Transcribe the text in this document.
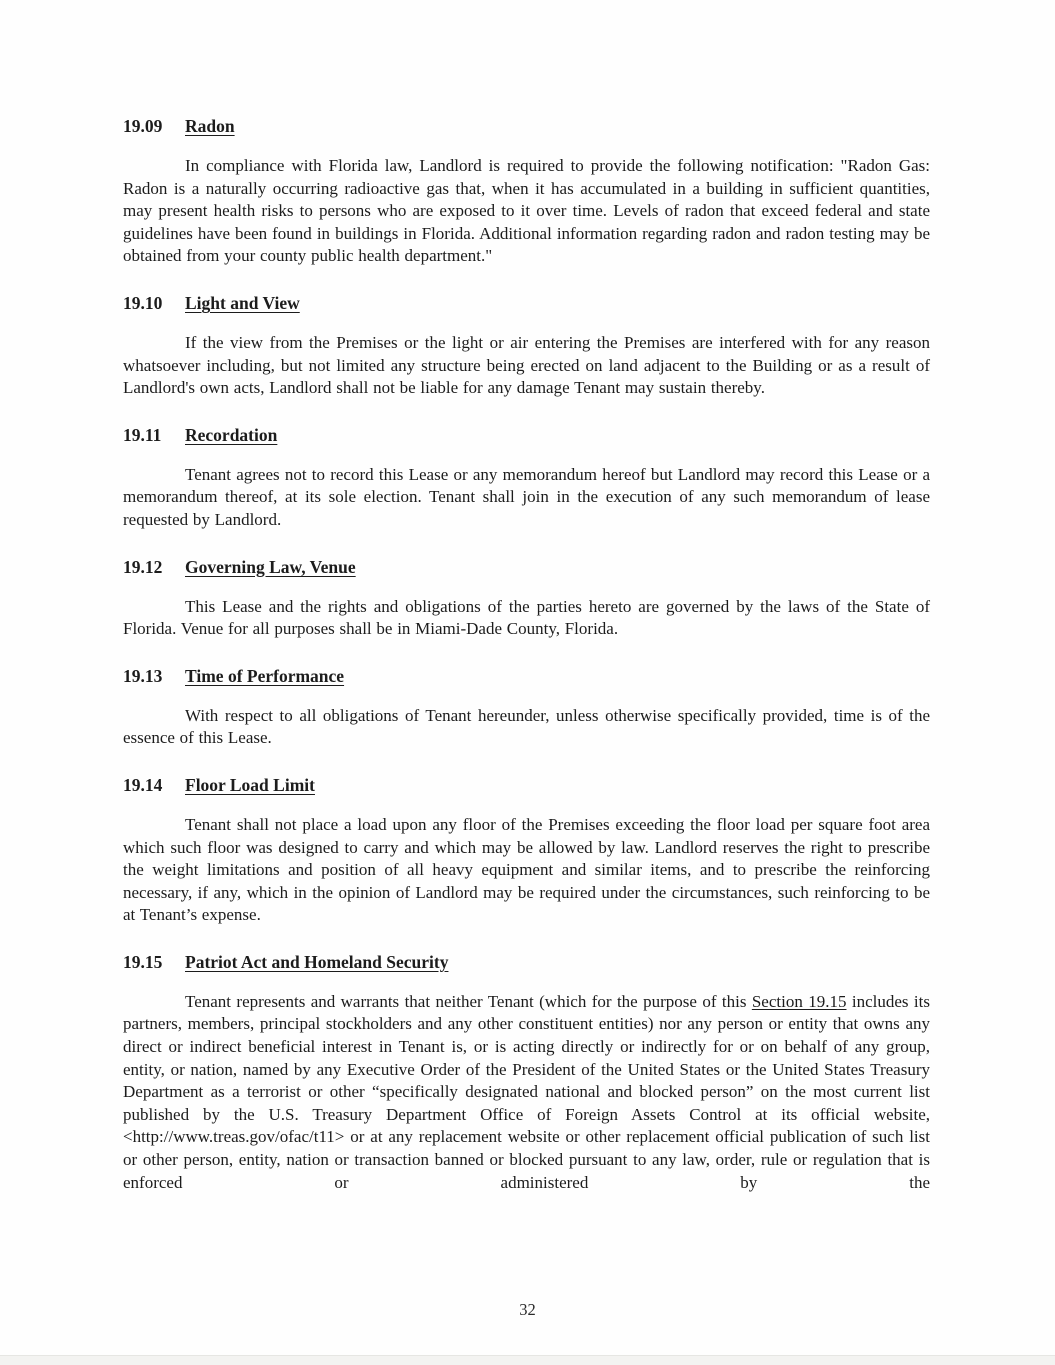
19.09 Radon

In compliance with Florida law, Landlord is required to provide the following notification: "Radon Gas: Radon is a naturally occurring radioactive gas that, when it has accumulated in a building in sufficient quantities, may present health risks to persons who are exposed to it over time. Levels of radon that exceed federal and state guidelines have been found in buildings in Florida. Additional information regarding radon and radon testing may be obtained from your county public health department."

19.10 Light and View

If the view from the Premises or the light or air entering the Premises are interfered with for any reason whatsoever including, but not limited any structure being erected on land adjacent to the Building or as a result of Landlord's own acts, Landlord shall not be liable for any damage Tenant may sustain thereby.

19.11 Recordation

Tenant agrees not to record this Lease or any memorandum hereof but Landlord may record this Lease or a memorandum thereof, at its sole election. Tenant shall join in the execution of any such memorandum of lease requested by Landlord.

19.12 Governing Law, Venue

This Lease and the rights and obligations of the parties hereto are governed by the laws of the State of Florida. Venue for all purposes shall be in Miami-Dade County, Florida.

19.13 Time of Performance

With respect to all obligations of Tenant hereunder, unless otherwise specifically provided, time is of the essence of this Lease.

19.14 Floor Load Limit

Tenant shall not place a load upon any floor of the Premises exceeding the floor load per square foot area which such floor was designed to carry and which may be allowed by law. Landlord reserves the right to prescribe the weight limitations and position of all heavy equipment and similar items, and to prescribe the reinforcing necessary, if any, which in the opinion of Landlord may be required under the circumstances, such reinforcing to be at Tenant’s expense.

19.15 Patriot Act and Homeland Security

Tenant represents and warrants that neither Tenant (which for the purpose of this Section 19.15 includes its partners, members, principal stockholders and any other constituent entities) nor any person or entity that owns any direct or indirect beneficial interest in Tenant is, or is acting directly or indirectly for or on behalf of any group, entity, or nation, named by any Executive Order of the President of the United States or the United States Treasury Department as a terrorist or other “specifically designated national and blocked person” on the most current list published by the U.S. Treasury Department Office of Foreign Assets Control at its official website, <http://www.treas.gov/ofac/t11> or at any replacement website or other replacement official publication of such list or other person, entity, nation or transaction banned or blocked pursuant to any law, order, rule or regulation that is enforced or administered by the

32
